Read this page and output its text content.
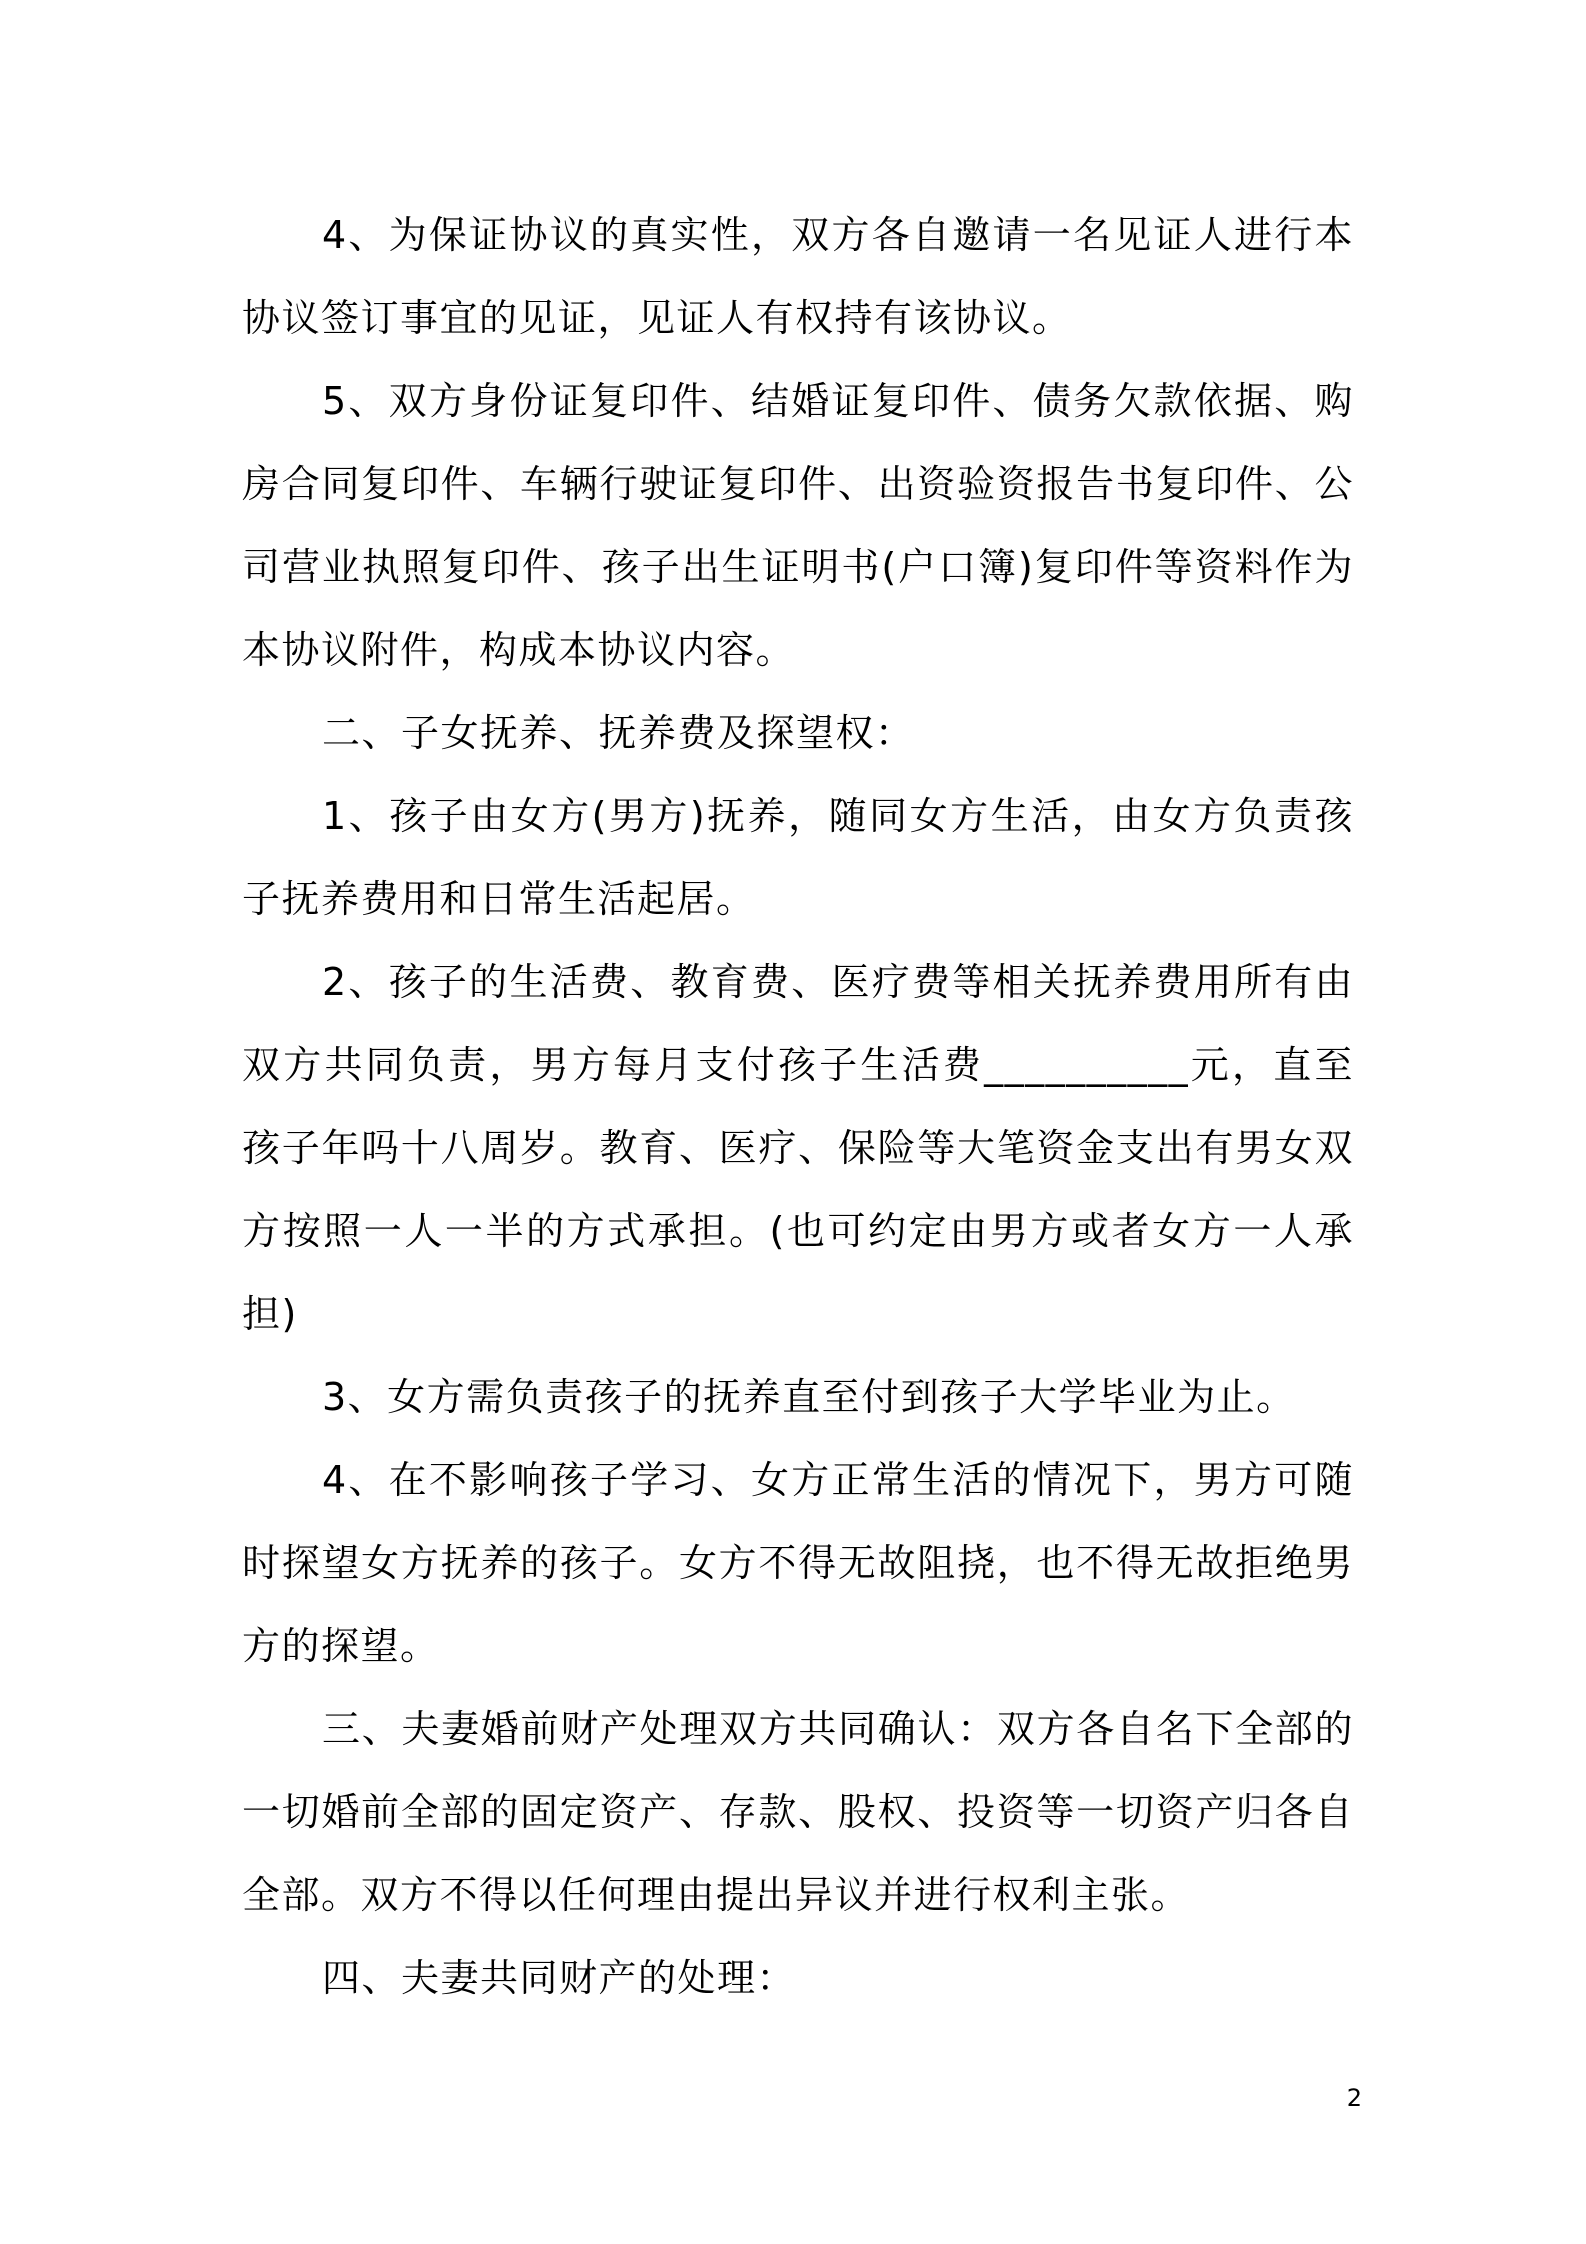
4、为保证协议的真实性，双方各自邀请一名见证人进行本协议签订事宜的见证，见证人有权持有该协议。

5、双方身份证复印件、结婚证复印件、债务欠款依据、购房合同复印件、车辆行驶证复印件、出资验资报告书复印件、公司营业执照复印件、孩子出生证明书(户口簿)复印件等资料作为本协议附件，构成本协议内容。

二、子女抚养、抚养费及探望权：

1、孩子由女方(男方)抚养，随同女方生活，由女方负责孩子抚养费用和日常生活起居。

2、孩子的生活费、教育费、医疗费等相关抚养费用所有由双方共同负责，男方每月支付孩子生活费__________元，直至孩子年吗十八周岁。教育、医疗、保险等大笔资金支出有男女双方按照一人一半的方式承担。(也可约定由男方或者女方一人承担)

3、女方需负责孩子的抚养直至付到孩子大学毕业为止。

4、在不影响孩子学习、女方正常生活的情况下，男方可随时探望女方抚养的孩子。女方不得无故阻挠，也不得无故拒绝男方的探望。

三、夫妻婚前财产处理双方共同确认：双方各自名下全部的一切婚前全部的固定资产、存款、股权、投资等一切资产归各自全部。双方不得以任何理由提出异议并进行权利主张。

四、夫妻共同财产的处理：

2
